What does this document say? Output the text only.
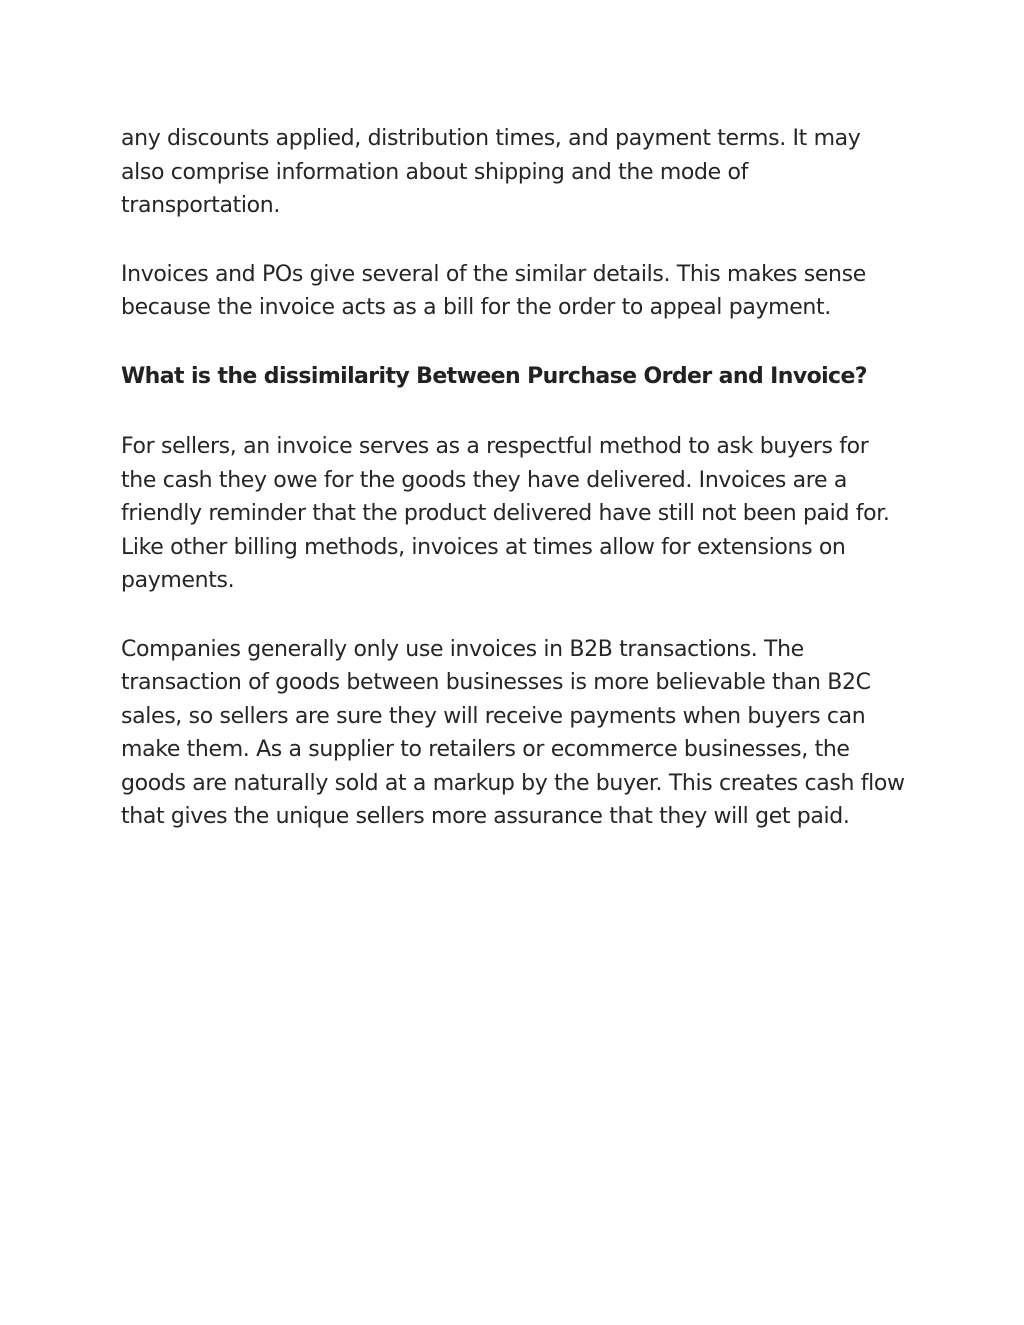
any discounts applied, distribution times, and payment terms. It may also comprise information about shipping and the mode of transportation.

Invoices and POs give several of the similar details. This makes sense because the invoice acts as a bill for the order to appeal payment.

What is the dissimilarity Between Purchase Order and Invoice?

For sellers, an invoice serves as a respectful method to ask buyers for the cash they owe for the goods they have delivered. Invoices are a friendly reminder that the product delivered have still not been paid for. Like other billing methods, invoices at times allow for extensions on payments.

Companies generally only use invoices in B2B transactions. The transaction of goods between businesses is more believable than B2C sales, so sellers are sure they will receive payments when buyers can make them. As a supplier to retailers or ecommerce businesses, the goods are naturally sold at a markup by the buyer. This creates cash flow that gives the unique sellers more assurance that they will get paid.
